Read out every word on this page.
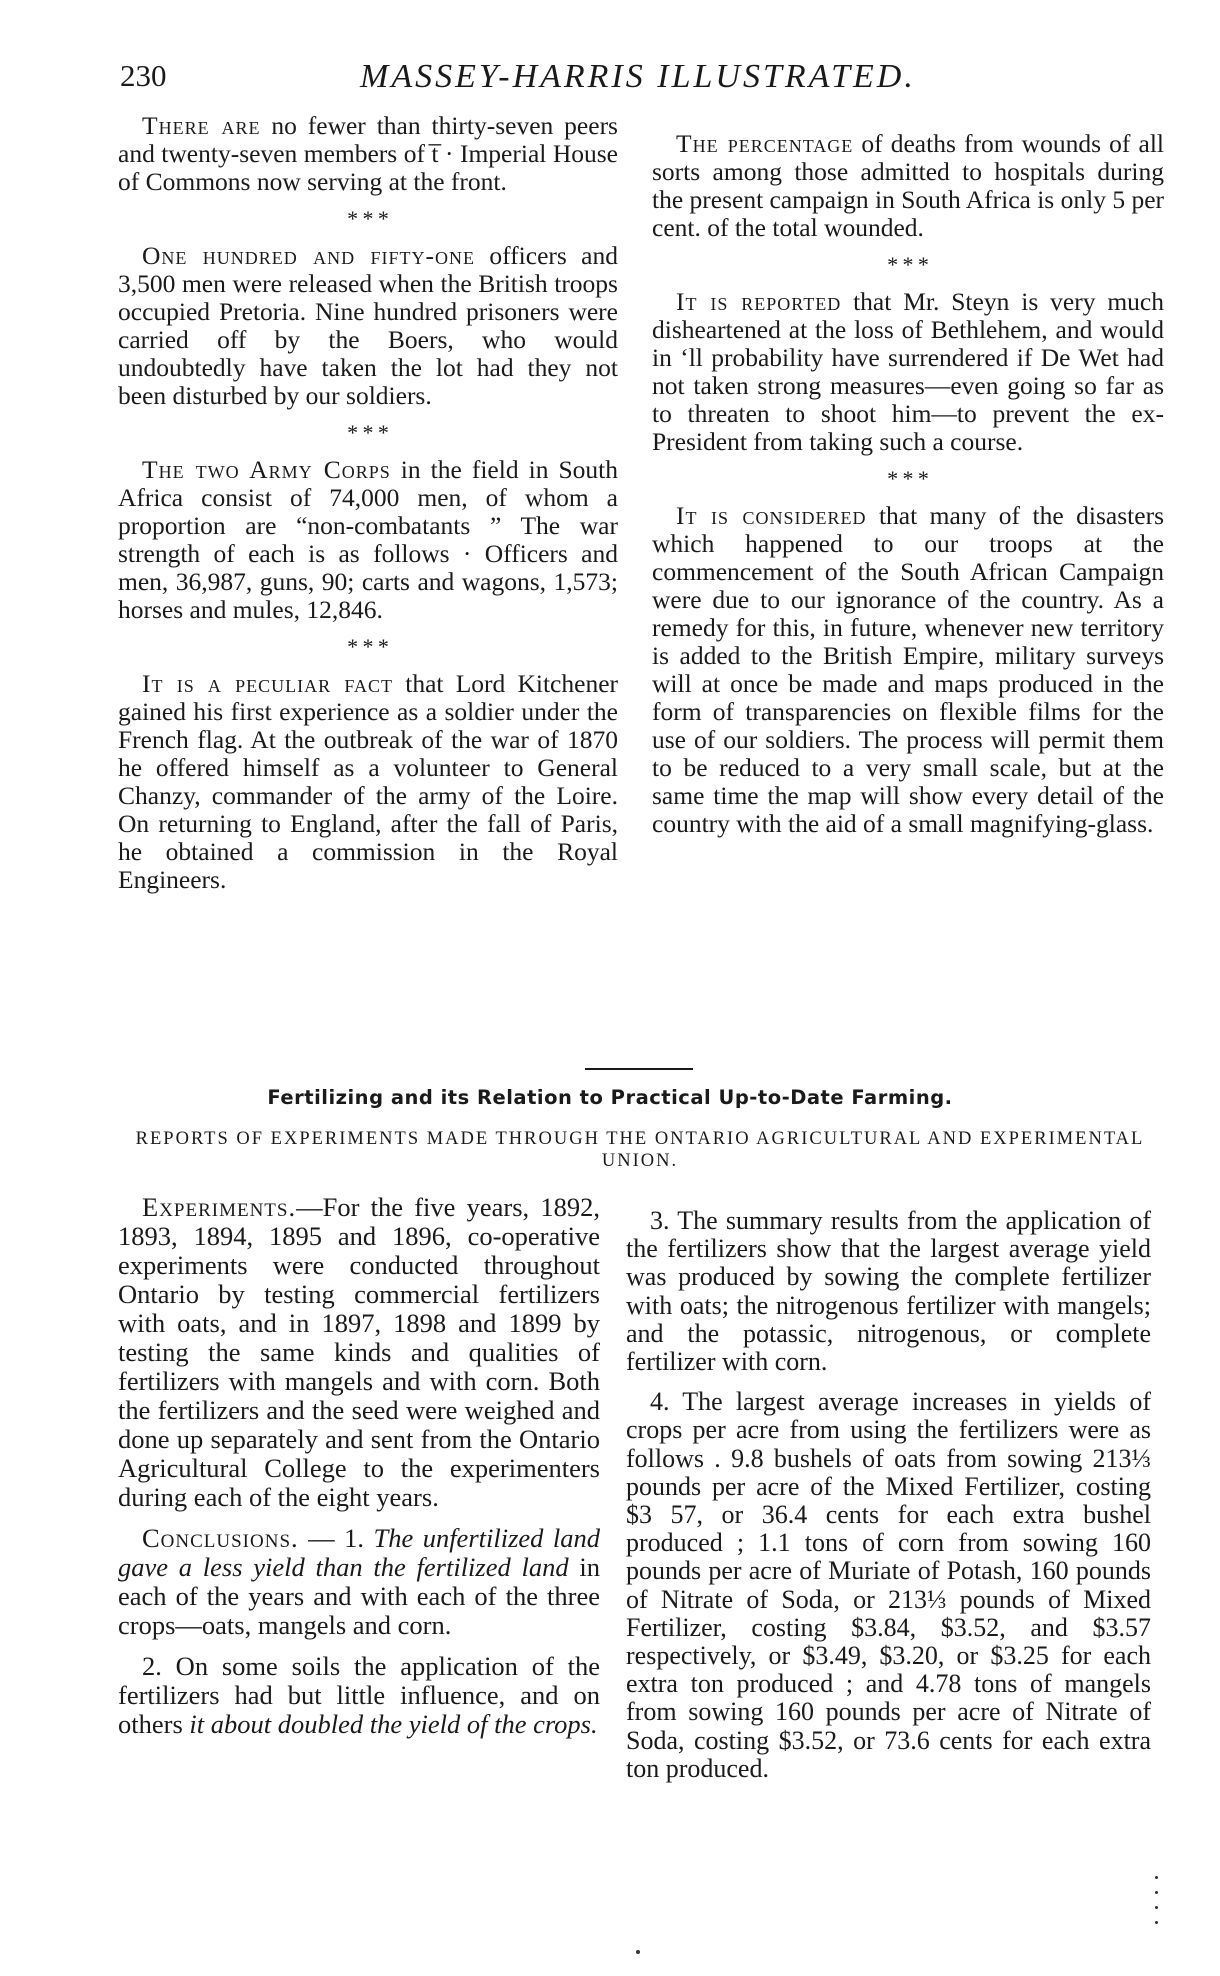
230	MASSEY-HARRIS ILLUSTRATED.

There are no fewer than thirty-seven peers and twenty-seven members of t̅ · Imperial House of Commons now serving at the front.

* * *

One hundred and fifty-one officers and 3,500 men were released when the British troops occupied Pretoria. Nine hundred prisoners were carried off by the Boers, who would undoubtedly have taken the lot had they not been disturbed by our soldiers.

* * *

The two Army Corps in the field in South Africa consist of 74,000 men, of whom a proportion are “non-combatants ” The war strength of each is as follows · Officers and men, 36,987, guns, 90; carts and wagons, 1,573; horses and mules, 12,846.

* * *

It is a peculiar fact that Lord Kitchener gained his first experience as a soldier under the French flag. At the outbreak of the war of 1870 he offered himself as a volunteer to General Chanzy, commander of the army of the Loire. On returning to England, after the fall of Paris, he obtained a commission in the Royal Engineers.

The percentage of deaths from wounds of all sorts among those admitted to hospitals during the present campaign in South Africa is only 5 per cent. of the total wounded.

* * *

It is reported that Mr. Steyn is very much disheartened at the loss of Bethlehem, and would in ‘ll probability have surrendered if De Wet had not taken strong measures—even going so far as to threaten to shoot him—to prevent the ex-President from taking such a course.

* * *

It is considered that many of the disasters which happened to our troops at the commencement of the South African Campaign were due to our ignorance of the country. As a remedy for this, in future, whenever new territory is added to the British Empire, military surveys will at once be made and maps produced in the form of transparencies on flexible films for the use of our soldiers. The process will permit them to be reduced to a very small scale, but at the same time the map will show every detail of the country with the aid of a small magnifying-glass.

Fertilizing and its Relation to Practical Up-to-Date Farming.
REPORTS OF EXPERIMENTS MADE THROUGH THE ONTARIO AGRICULTURAL AND EXPERIMENTAL UNION.

Experiments.—For the five years, 1892, 1893, 1894, 1895 and 1896, co-operative experiments were conducted throughout Ontario by testing commercial fertilizers with oats, and in 1897, 1898 and 1899 by testing the same kinds and qualities of fertilizers with mangels and with corn. Both the fertilizers and the seed were weighed and done up separately and sent from the Ontario Agricultural College to the experimenters during each of the eight years.

Conclusions. — 1. The unfertilized land gave a less yield than the fertilized land in each of the years and with each of the three crops—oats, mangels and corn.

2. On some soils the application of the fertilizers had but little influence, and on others it about doubled the yield of the crops.

3. The summary results from the application of the fertilizers show that the largest average yield was produced by sowing the complete fertilizer with oats; the nitrogenous fertilizer with mangels; and the potassic, nitrogenous, or complete fertilizer with corn.

4. The largest average increases in yields of crops per acre from using the fertilizers were as follows . 9.8 bushels of oats from sowing 213⅓ pounds per acre of the Mixed Fertilizer, costing $3 57, or 36.4 cents for each extra bushel produced ; 1.1 tons of corn from sowing 160 pounds per acre of Muriate of Potash, 160 pounds of Nitrate of Soda, or 213⅓ pounds of Mixed Fertilizer, costing $3.84, $3.52, and $3.57 respectively, or $3.49, $3.20, or $3.25 for each extra ton produced ; and 4.78 tons of mangels from sowing 160 pounds per acre of Nitrate of Soda, costing $3.52, or 73.6 cents for each extra ton produced.
